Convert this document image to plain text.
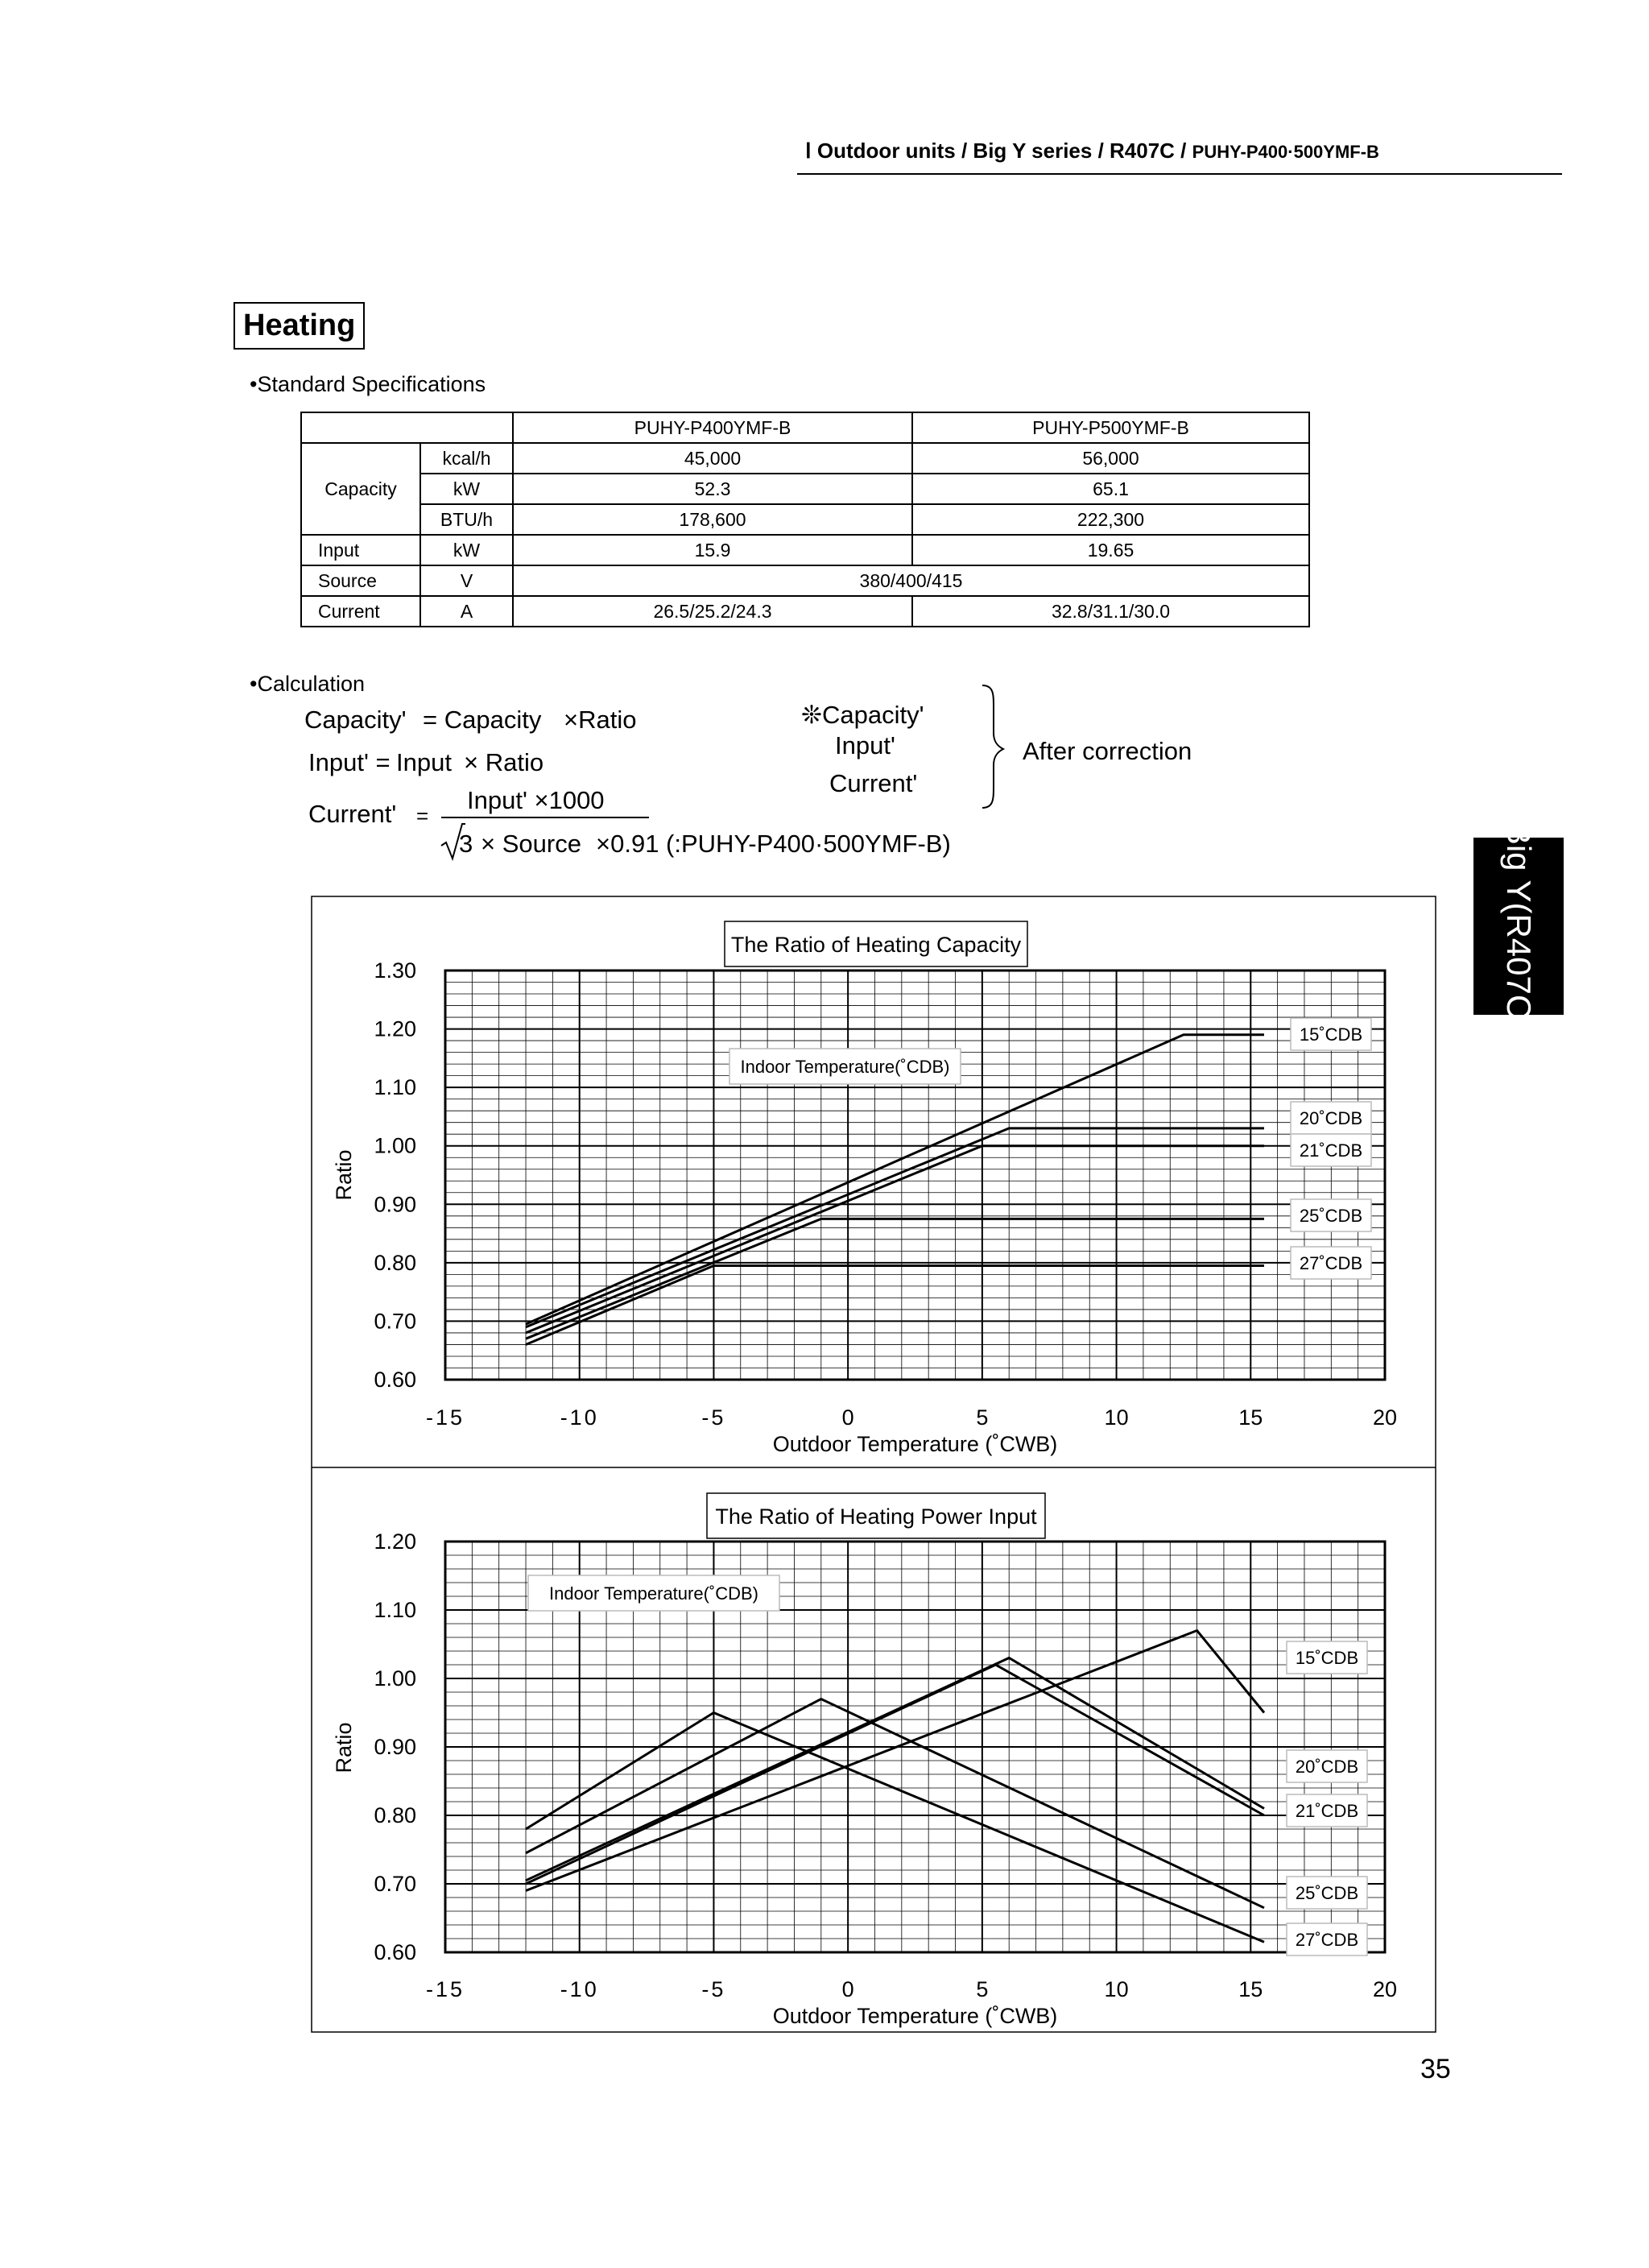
Ⅰ Outdoor units / Big Y series / R407C / PUHY-P400·500YMF-B
Heating
•Standard Specifications
		PUHY-P400YMF-B	PUHY-P500YMF-B
Capacity	kcal/h	45,000	56,000
	kW	52.3	65.1
	BTU/h	178,600	222,300
Input	kW	15.9	19.65
Source	V	380/400/415	
Current	A	26.5/25.2/24.3	32.8/31.1/30.0
•Calculation
Capacity' = Capacity ×Ratio
Input' = Input × Ratio
Current' =
Input' ×1000
3 × Source ×0.91 (:PUHY-P400·500YMF-B)
❊Capacity'
Input'
Current'
After correction
Big Y(R407C)
0.60
0.70
0.80
0.90
1.00
1.10
1.20
1.30
-15	-10	-5	0	5	10	15	20
Outdoor Temperature (˚CWB)
Ratio
The Ratio of Heating Capacity
Indoor Temperature(˚CDB)
15˚CDB
20˚CDB
21˚CDB
25˚CDB
27˚CDB
0.60
0.70
0.80
0.90
1.00
1.10
1.20
-15	-10	-5	0	5	10	15	20
Outdoor Temperature (˚CWB)
Ratio
The Ratio of Heating Power Input
Indoor Temperature(˚CDB)
15˚CDB
20˚CDB
21˚CDB
25˚CDB
27˚CDB
35
